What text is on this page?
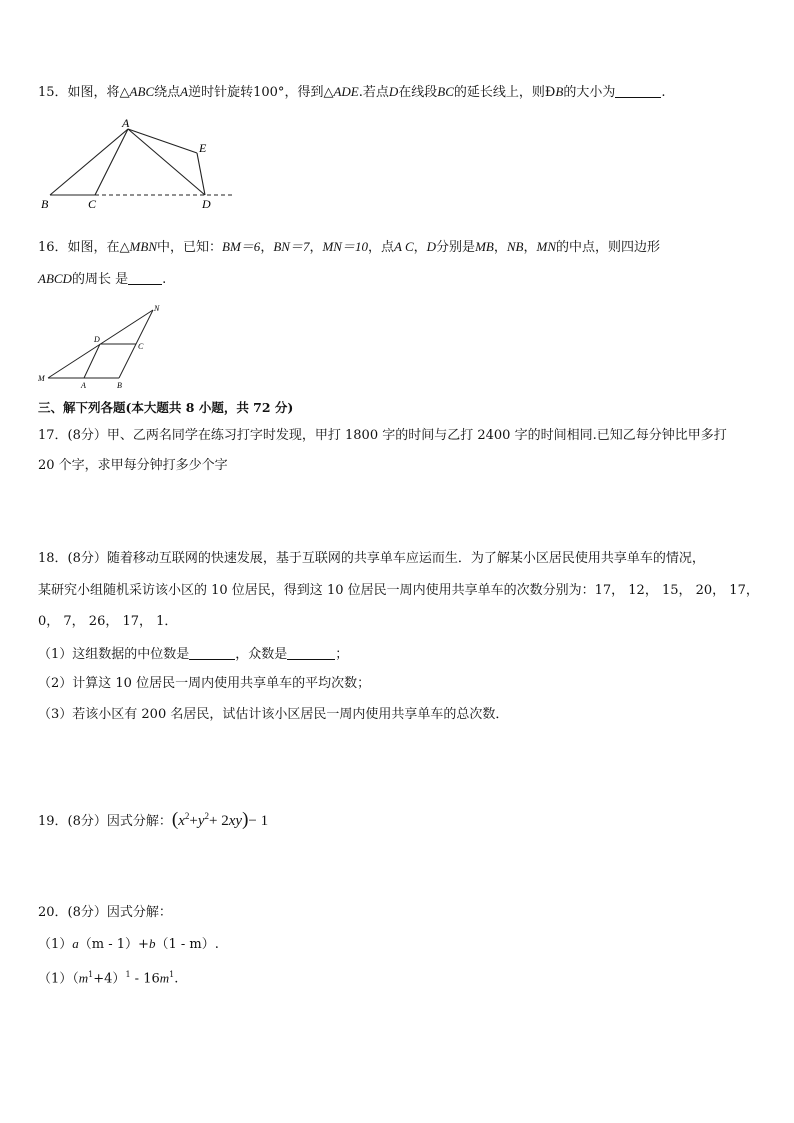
15．如图，将△ABC绕点A逆时针旋转100°，得到△ADE.若点D在线段BC的延长线上，则ÐB的大小为	.
A
E
B	C	D
16．如图，在△MBN中，已知：BM＝6，BN＝7，MN＝10，点A C，D分别是MB，NB，MN的中点，则四边形
ABCD的周长 是	.
M
A	B
C
D
N
三、解下列各题(本大题共 8 小题，共 72 分)
17．(8分）甲、乙两名同学在练习打字时发现，甲打 1800 字的时间与乙打 2400 字的时间相同.已知乙每分钟比甲多打
20 个字，求甲每分钟打多少个字
18．(8分）随着移动互联网的快速发展，基于互联网的共享单车应运而生．为了解某小区居民使用共享单车的情况，
某研究小组随机采访该小区的 10 位居民，得到这 10 位居民一周内使用共享单车的次数分别为：17， 12， 15， 20， 17，
0， 7， 26， 17， 1．
（1）这组数据的中位数是	，众数是	；
（2）计算这 10 位居民一周内使用共享单车的平均次数；
（3）若该小区有 200 名居民，试估计该小区居民一周内使用共享单车的总次数．
19．(8分）因式分解：$(x^2+y^2+ 2xy)- 1$
20．(8分）因式分解：
（1）a（m - 1）+b（1 - m）.
$(1)(m^1+4)^1 - 16m^1$.
